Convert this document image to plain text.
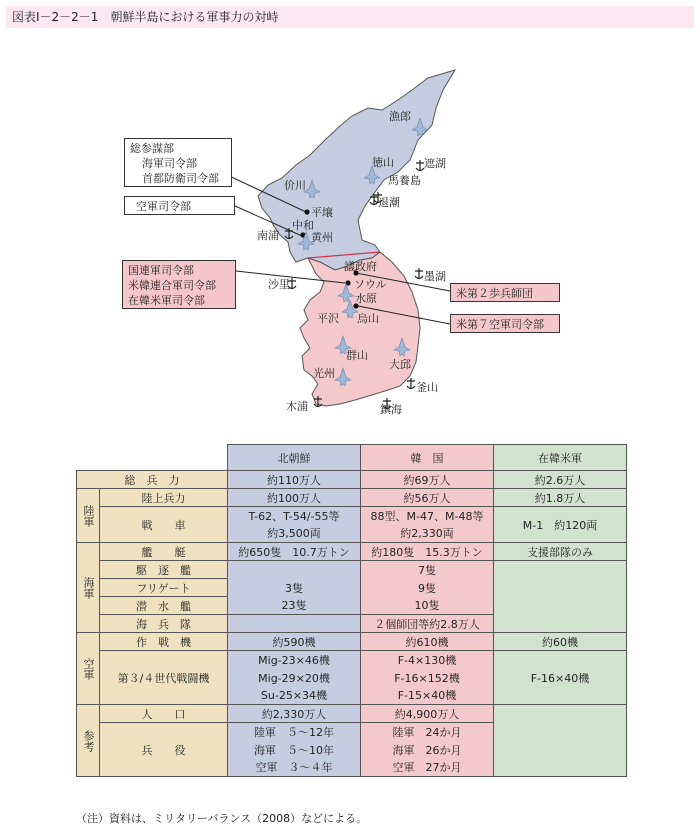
図表Ⅰ－2－2－1　朝鮮半島における軍事力の対峙
漁郎
徳山	遮湖
馬養島
退潮
价川
平壌
中和
南浦	黄州
議政府
墨湖
沙里	ソウル
水原
平沢 烏山
群山
大邱
光州
釜山
木浦	鎮海
総参謀部
海軍司令部
首都防衛司令部
空軍司令部
国連軍司令部
米韓連合軍司令部
在韓米軍司令部
米第２歩兵師団
米第７空軍司令部
		北朝鮮	韓　国	在韓米軍
総　兵　力		約110万人	約69万人	約2.6万人
陸軍	陸上兵力	約100万人	約56万人	約1.8万人
	戦　　車	T-62、T-54/-55等	88型、M-47、M-48等	M-1　約120両
		約3,500両	約2,330両	
海軍	艦　　艇	約650隻　10.7万トン	約180隻　15.3万トン	支援部隊のみ
	駆　逐　艦		7隻	
	フリゲート	3隻	9隻	
	潜　水　艦	23隻	10隻	
	海　兵　隊		２個師団等約2.8万人	
空軍	作　戦　機	約590機	約610機	約60機
	第３/４世代戦闘機	Mig-23×46機	F-4×130機	F-16×40機
		Mig-29×20機	F-16×152機	
		Su-25×34機	F-15×40機	
参考	人　　口	約2,330万人	約4,900万人	
	兵　　役	陸軍　５～12年	陸軍　24か月	
		海軍　５～10年	海軍　26か月	
		空軍　３～４年	空軍　27か月	
（注）資料は、ミリタリーバランス（2008）などによる。
